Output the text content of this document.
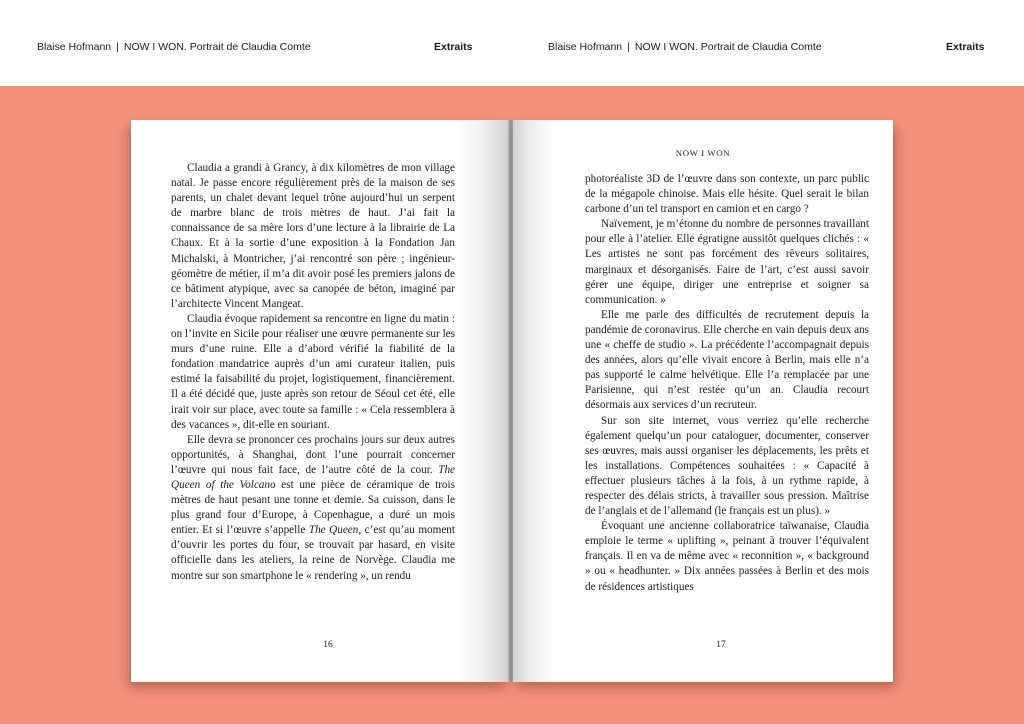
Blaise Hofmann | NOW I WON. Portrait de Claudia Comte	Extraits	Blaise Hofmann | NOW I WON. Portrait de Claudia Comte	Extraits

Claudia a grandi à Grancy, à dix kilomètres de mon village natal. Je passe encore régulièrement près de la maison de ses parents, un chalet devant lequel trône aujourd’hui un serpent de marbre blanc de trois mètres de haut. J’ai fait la connaissance de sa mère lors d’une lecture à la librairie de La Chaux. Et à la sortie d’une exposition à la Fondation Jan Michalski, à Montricher, j’ai rencontré son père ; ingénieur-géomètre de métier, il m’a dit avoir posé les premiers jalons de ce bâtiment atypique, avec sa canopée de béton, imaginé par l’architecte Vincent Mangeat.

Claudia évoque rapidement sa rencontre en ligne du matin : on l’invite en Sicile pour réaliser une œuvre permanente sur les murs d’une ruine. Elle a d’abord vérifié la fiabilité de la fondation mandatrice auprès d’un ami curateur italien, puis estimé la faisabilité du projet, logistiquement, financièrement. Il a été décidé que, juste après son retour de Séoul cet été, elle irait voir sur place, avec toute sa famille : « Cela ressemblera à des vacances », dit-elle en souriant.

Elle devra se prononcer ces prochains jours sur deux autres opportunités, à Shanghai, dont l’une pourrait concerner l’œuvre qui nous fait face, de l’autre côté de la cour. The Queen of the Volcano est une pièce de céramique de trois mètres de haut pesant une tonne et demie. Sa cuisson, dans le plus grand four d’Europe, à Copenhague, a duré un mois entier. Et si l’œuvre s’appelle The Queen, c’est qu’au moment d’ouvrir les portes du four, se trouvait par hasard, en visite officielle dans les ateliers, la reine de Norvège. Claudia me montre sur son smartphone le « rendering », un rendu

16
NOW I WON

photoréaliste 3D de l’œuvre dans son contexte, un parc public de la mégapole chinoise. Mais elle hésite. Quel serait le bilan carbone d’un tel transport en camion et en cargo ?

Naïvement, je m’étonne du nombre de personnes travaillant pour elle à l’atelier. Elle égratigne aussitôt quelques clichés : « Les artistes ne sont pas forcément des rêveurs solitaires, marginaux et désorganisés. Faire de l’art, c’est aussi savoir gérer une équipe, diriger une entreprise et soigner sa communication. »

Elle me parle des difficultés de recrutement depuis la pandémie de coronavirus. Elle cherche en vain depuis deux ans une « cheffe de studio ». La précédente l’accompagnait depuis des années, alors qu’elle vivait encore à Berlin, mais elle n’a pas supporté le calme helvétique. Elle l’a remplacée par une Parisienne, qui n’est restée qu’un an. Claudia recourt désormais aux services d’un recruteur.

Sur son site internet, vous verriez qu’elle recherche également quelqu’un pour cataloguer, documenter, conserver ses œuvres, mais aussi organiser les déplacements, les prêts et les installations. Compétences souhaitées : « Capacité à effectuer plusieurs tâches à la fois, à un rythme rapide, à respecter des délais stricts, à travailler sous pression. Maîtrise de l’anglais et de l’allemand (le français est un plus). »

Évoquant une ancienne collaboratrice taïwanaise, Claudia emploie le terme « uplifting », peinant à trouver l’équivalent français. Il en va de même avec « reconnition », « background » ou « headhunter. » Dix années passées à Berlin et des mois de résidences artistiques

17
